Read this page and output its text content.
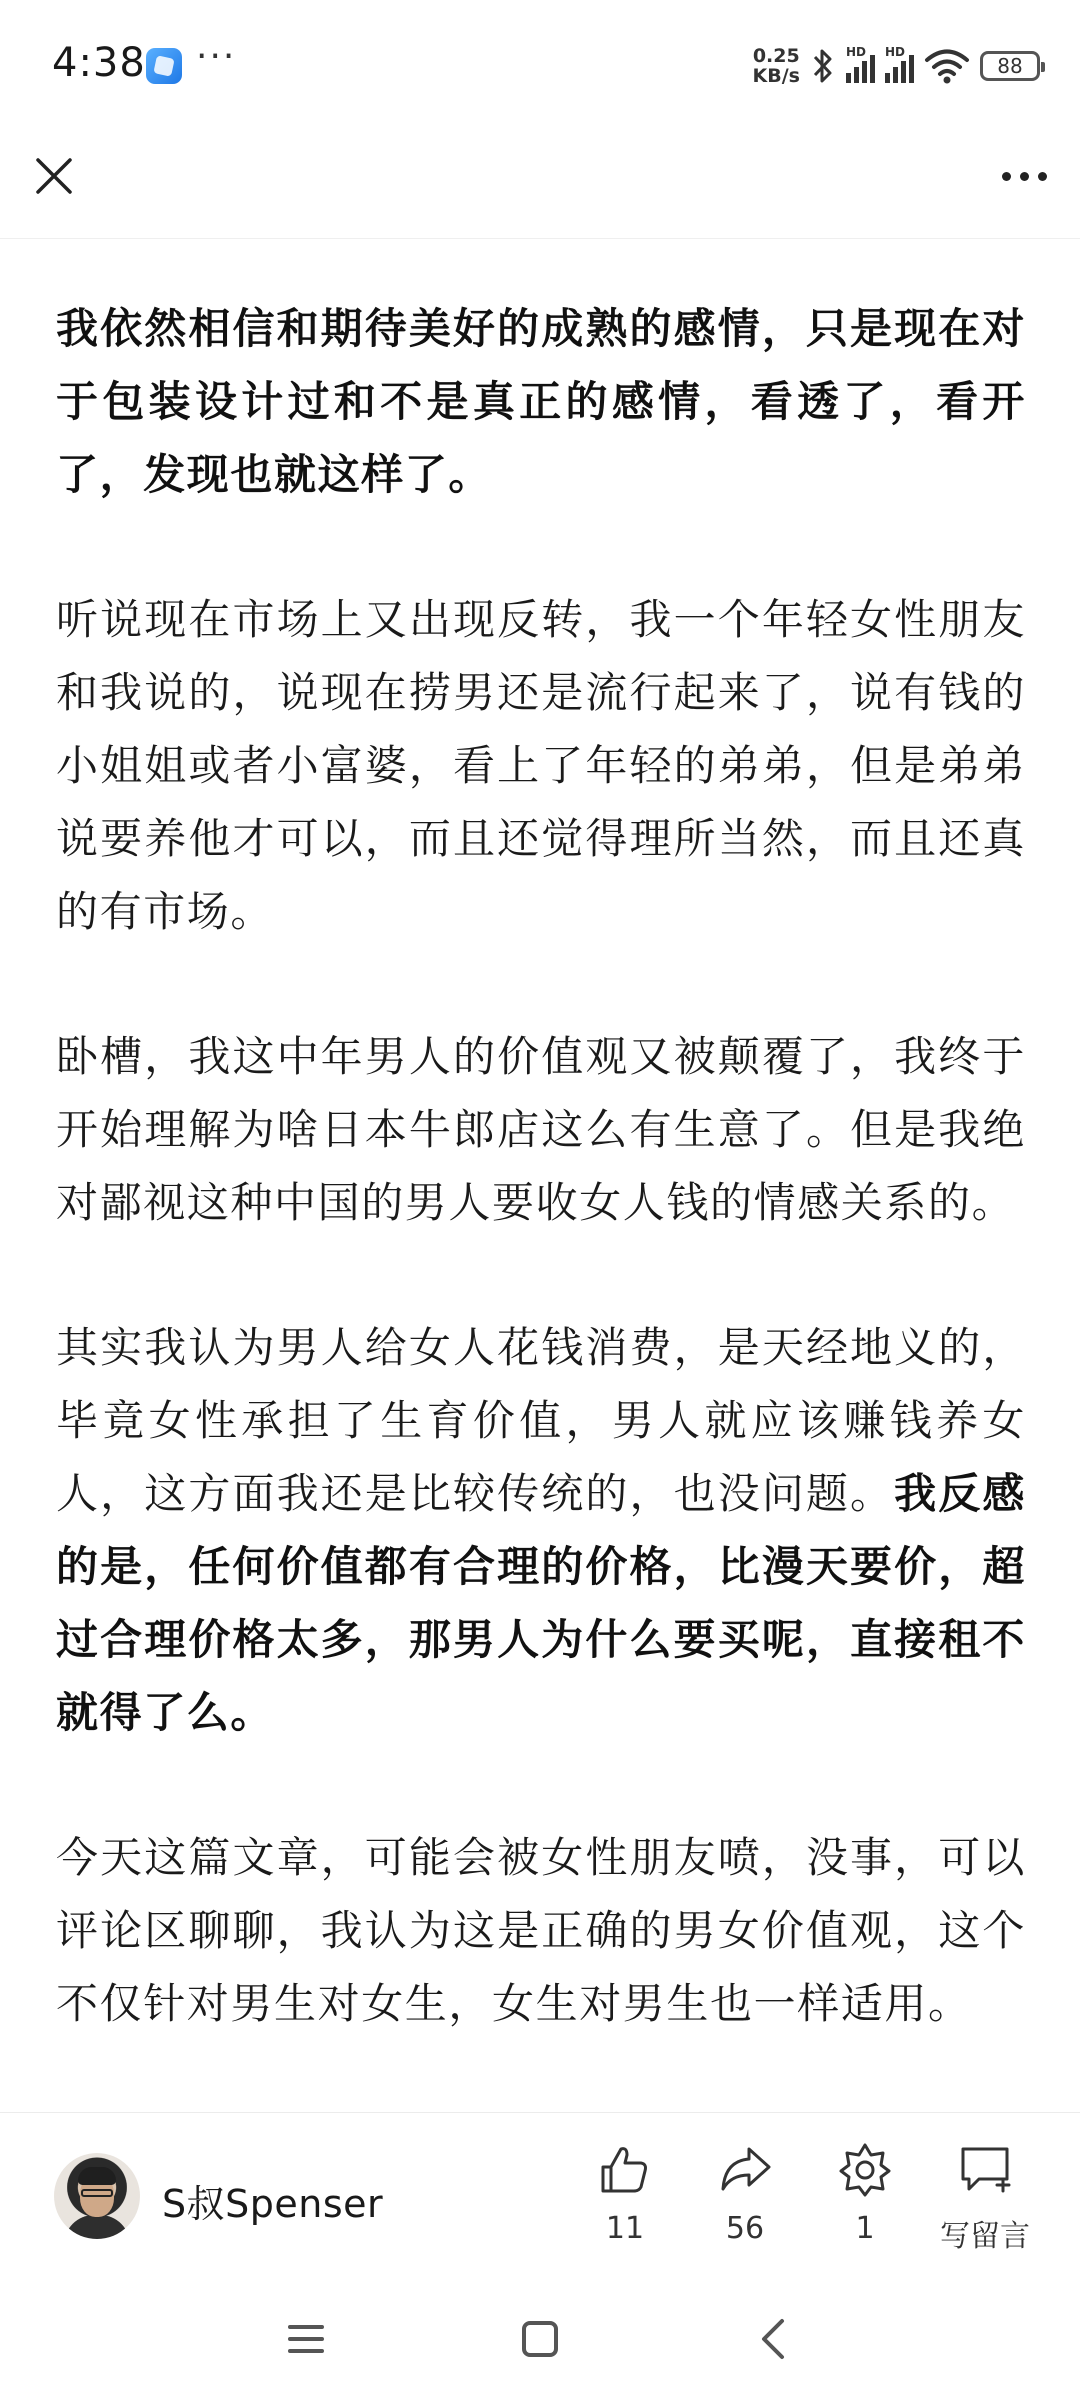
4:38 ···	0.25
KB/s
HD HD
88

我依然相信和期待美好的成熟的感情，只是现在对于包装设计过和不是真正的感情，看透了，看开了，发现也就这样了。

听说现在市场上又出现反转，我一个年轻女性朋友和我说的，说现在捞男还是流行起来了，说有钱的小姐姐或者小富婆，看上了年轻的弟弟，但是弟弟说要养他才可以，而且还觉得理所当然，而且还真的有市场。

卧槽，我这中年男人的价值观又被颠覆了，我终于开始理解为啥日本牛郎店这么有生意了。但是我绝对鄙视这种中国的男人要收女人钱的情感关系的。

其实我认为男人给女人花钱消费，是天经地义的，毕竟女性承担了生育价值，男人就应该赚钱养女人，这方面我还是比较传统的，也没问题。我反感的是，任何价值都有合理的价格，比漫天要价，超过合理价格太多，那男人为什么要买呢，直接租不就得了么。

今天这篇文章，可能会被女性朋友喷，没事，可以评论区聊聊，我认为这是正确的男女价值观，这个不仅针对男生对女生，女生对男生也一样适用。

S叔Spenser
11	56	1 写留言
